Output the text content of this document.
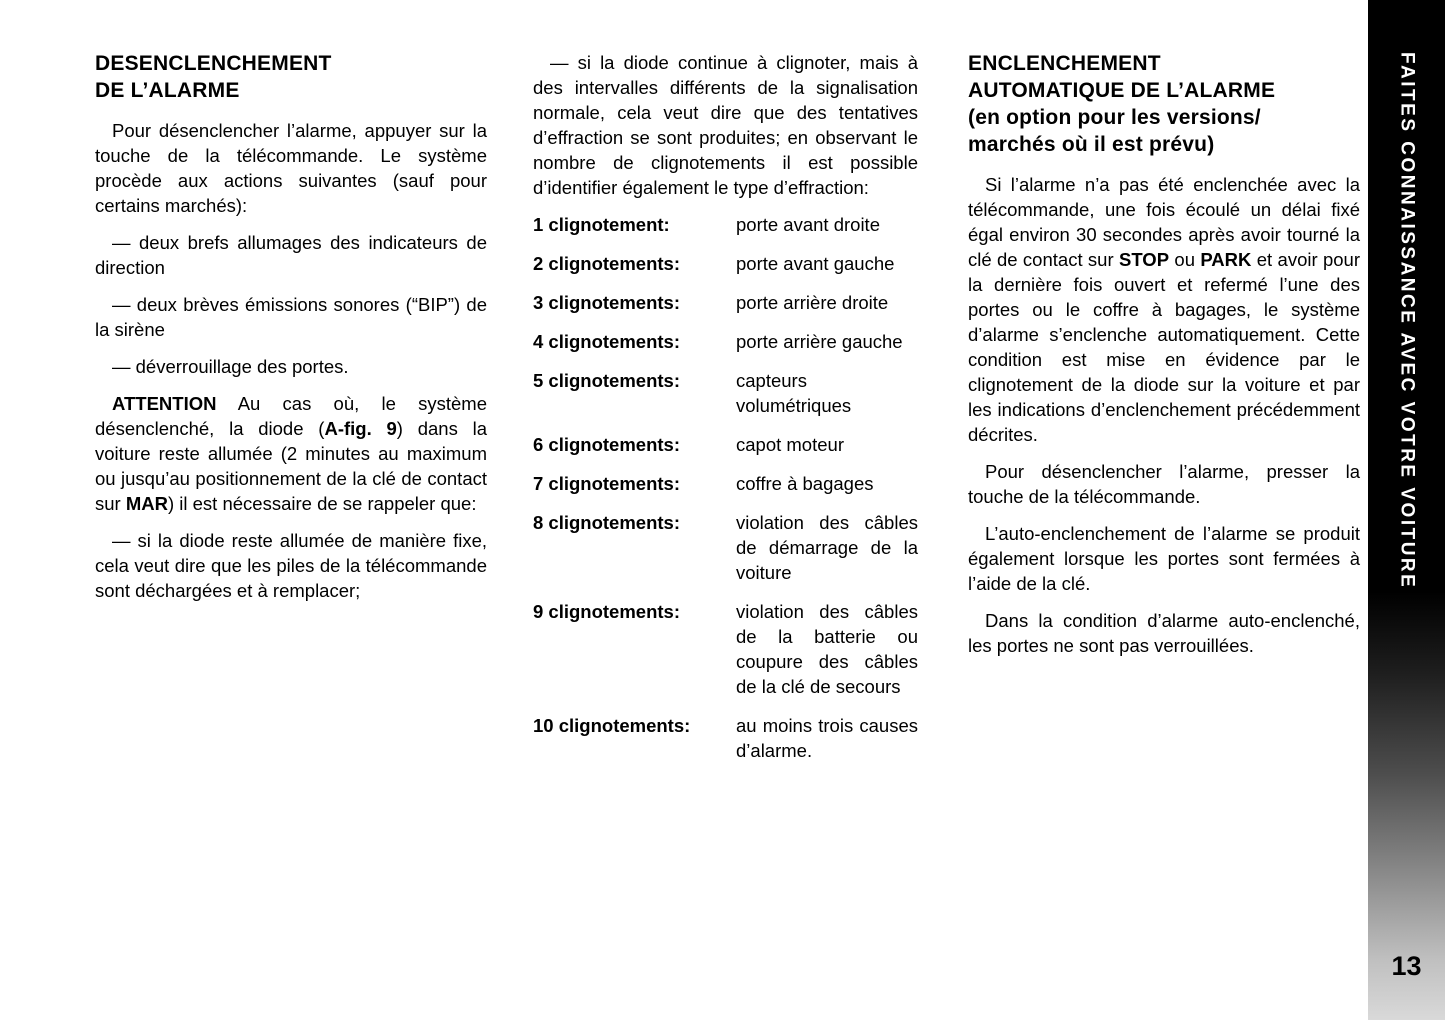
DESENCLENCHEMENT
DE L’ALARME

Pour désenclencher l’alarme, appuyer sur la touche de la télécommande. Le système procède aux actions suivantes (sauf pour certains marchés):

— deux brefs allumages des indicateurs de direction

— deux brèves émissions sonores (“BIP”) de la sirène

— déverrouillage des portes.

ATTENTION Au cas où, le système désenclenché, la diode (A-fig. 9) dans la voiture reste allumée (2 minutes au maximum ou jusqu’au positionnement de la clé de contact sur MAR) il est nécessaire de se rappeler que:

— si la diode reste allumée de manière fixe, cela veut dire que les piles de la télécommande sont déchargées et à remplacer;

— si la diode continue à clignoter, mais à des intervalles différents de la signalisation normale, cela veut dire que des tentatives d’effraction se sont produites; en observant le nombre de clignotements il est possible d’identifier également le type d’effraction:

1 clignotement:	porte avant droite
2 clignotements:	porte avant gauche
3 clignotements:	porte arrière droite
4 clignotements:	porte arrière gauche
5 clignotements:	capteurs volumétriques
6 clignotements:	capot moteur
7 clignotements:	coffre à bagages
8 clignotements:	violation des câbles de démarrage de la voiture
9 clignotements:	violation des câbles de la batterie ou coupure des câbles de la clé de secours
10 clignotements:	au moins trois causes d’alarme.
ENCLENCHEMENT
AUTOMATIQUE DE L’ALARME
(en option pour les versions/
marchés où il est prévu)

Si l’alarme n’a pas été enclenchée avec la télécommande, une fois écoulé un délai fixé égal environ 30 secondes après avoir tourné la clé de contact sur STOP ou PARK et avoir pour la dernière fois ouvert et refermé l’une des portes ou le coffre à bagages, le système d’alarme s’enclenche automatiquement. Cette condition est mise en évidence par le clignotement de la diode sur la voiture et par les indications d’enclenchement précédemment décrites.

Pour désenclencher l’alarme, presser la touche de la télécommande.

L’auto-enclenchement de l’alarme se produit également lorsque les portes sont fermées à l’aide de la clé.

Dans la condition d’alarme auto-enclenché, les portes ne sont pas verrouillées.

FAITES CONNAISSANCE AVEC VOTRE VOITURE
13
